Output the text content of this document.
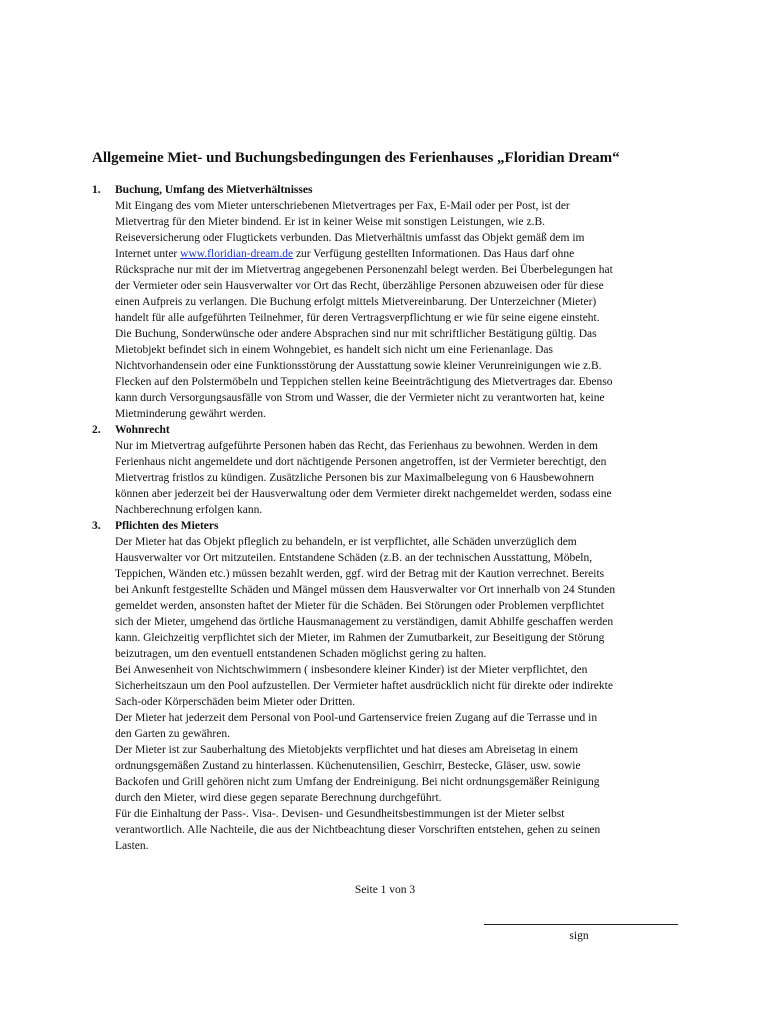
Allgemeine Miet- und Buchungsbedingungen des Ferienhauses „Floridian Dream“
1. Buchung, Umfang des Mietverhältnisses
Mit Eingang des vom Mieter unterschriebenen Mietvertrages per Fax, E-Mail oder per Post, ist der
Mietvertrag für den Mieter bindend. Er ist in keiner Weise mit sonstigen Leistungen, wie z.B.
Reiseversicherung oder Flugtickets verbunden. Das Mietverhältnis umfasst das Objekt gemäß dem im
Internet unter www.floridian-dream.de zur Verfügung gestellten Informationen. Das Haus darf ohne
Rücksprache nur mit der im Mietvertrag angegebenen Personenzahl belegt werden. Bei Überbelegungen hat
der Vermieter oder sein Hausverwalter vor Ort das Recht, überzählige Personen abzuweisen oder für diese
einen Aufpreis zu verlangen. Die Buchung erfolgt mittels Mietvereinbarung. Der Unterzeichner (Mieter)
handelt für alle aufgeführten Teilnehmer, für deren Vertragsverpflichtung er wie für seine eigene einsteht.
Die Buchung, Sonderwünsche oder andere Absprachen sind nur mit schriftlicher Bestätigung gültig. Das
Mietobjekt befindet sich in einem Wohngebiet, es handelt sich nicht um eine Ferienanlage. Das
Nichtvorhandensein oder eine Funktionsstörung der Ausstattung sowie kleiner Verunreinigungen wie z.B.
Flecken auf den Polstermöbeln und Teppichen stellen keine Beeinträchtigung des Mietvertrages dar. Ebenso
kann durch Versorgungsausfälle von Strom und Wasser, die der Vermieter nicht zu verantworten hat, keine
Mietminderung gewährt werden.
2. Wohnrecht
Nur im Mietvertrag aufgeführte Personen haben das Recht, das Ferienhaus zu bewohnen. Werden in dem
Ferienhaus nicht angemeldete und dort nächtigende Personen angetroffen, ist der Vermieter berechtigt, den
Mietvertrag fristlos zu kündigen. Zusätzliche Personen bis zur Maximalbelegung von 6 Hausbewohnern
können aber jederzeit bei der Hausverwaltung oder dem Vermieter direkt nachgemeldet werden, sodass eine
Nachberechnung erfolgen kann.
3. Pflichten des Mieters
Der Mieter hat das Objekt pfleglich zu behandeln, er ist verpflichtet, alle Schäden unverzüglich dem
Hausverwalter vor Ort mitzuteilen. Entstandene Schäden (z.B. an der technischen Ausstattung, Möbeln,
Teppichen, Wänden etc.) müssen bezahlt werden, ggf. wird der Betrag mit der Kaution verrechnet. Bereits
bei Ankunft festgestellte Schäden und Mängel müssen dem Hausverwalter vor Ort innerhalb von 24 Stunden
gemeldet werden, ansonsten haftet der Mieter für die Schäden. Bei Störungen oder Problemen verpflichtet
sich der Mieter, umgehend das örtliche Hausmanagement zu verständigen, damit Abhilfe geschaffen werden
kann. Gleichzeitig verpflichtet sich der Mieter, im Rahmen der Zumutbarkeit, zur Beseitigung der Störung
beizutragen, um den eventuell entstandenen Schaden möglichst gering zu halten.
Bei Anwesenheit von Nichtschwimmern ( insbesondere kleiner Kinder) ist der Mieter verpflichtet, den
Sicherheitszaun um den Pool aufzustellen. Der Vermieter haftet ausdrücklich nicht für direkte oder indirekte
Sach-oder Körperschäden beim Mieter oder Dritten.
Der Mieter hat jederzeit dem Personal von Pool-und Gartenservice freien Zugang auf die Terrasse und in
den Garten zu gewähren.
Der Mieter ist zur Sauberhaltung des Mietobjekts verpflichtet und hat dieses am Abreisetag in einem
ordnungsgemäßen Zustand zu hinterlassen. Küchenutensilien, Geschirr, Bestecke, Gläser, usw. sowie
Backofen und Grill gehören nicht zum Umfang der Endreinigung. Bei nicht ordnungsgemäßer Reinigung
durch den Mieter, wird diese gegen separate Berechnung durchgeführt.
Für die Einhaltung der Pass-. Visa-. Devisen- und Gesundheitsbestimmungen ist der Mieter selbst
verantwortlich. Alle Nachteile, die aus der Nichtbeachtung dieser Vorschriften entstehen, gehen zu seinen
Lasten.
Seite 1 von 3
sign
